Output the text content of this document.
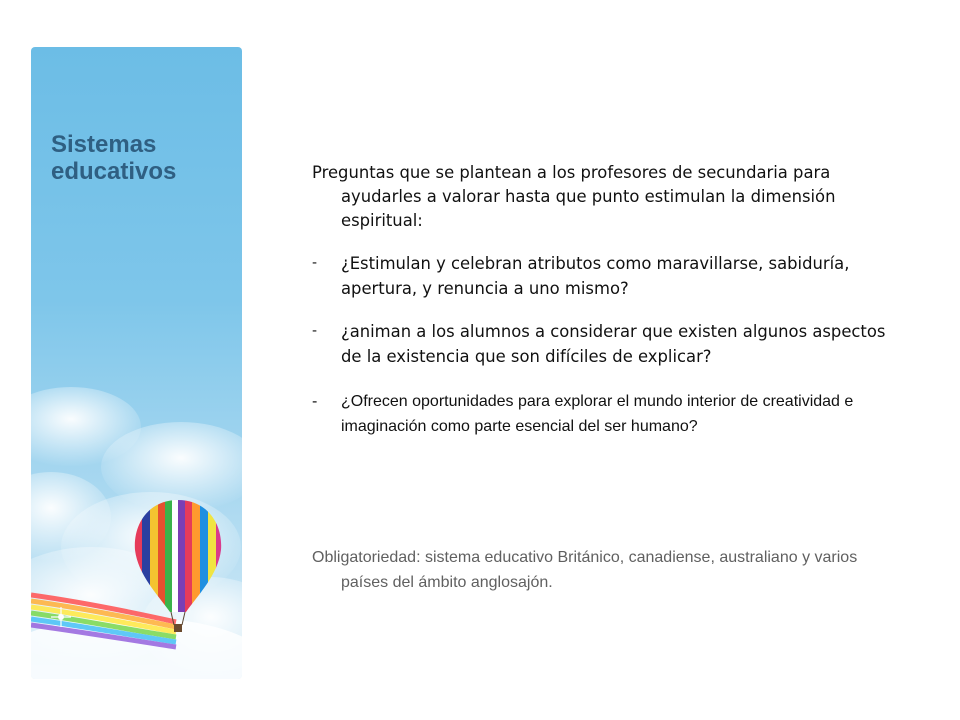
Sistemas educativos	Preguntas que se plantean a los profesores de secundaria para ayudarles a valorar hasta que punto estimulan la dimensión espiritual:

- ¿Estimulan y celebran atributos como maravillarse, sabiduría, apertura, y renuncia a uno mismo?
- ¿animan a los alumnos a considerar que existen algunos aspectos de la existencia que son difíciles de explicar?
- ¿Ofrecen oportunidades para explorar el mundo interior de creatividad e imaginación como parte esencial del ser humano?

Obligatoriedad: sistema educativo Británico, canadiense, australiano y varios países del ámbito anglosajón.
